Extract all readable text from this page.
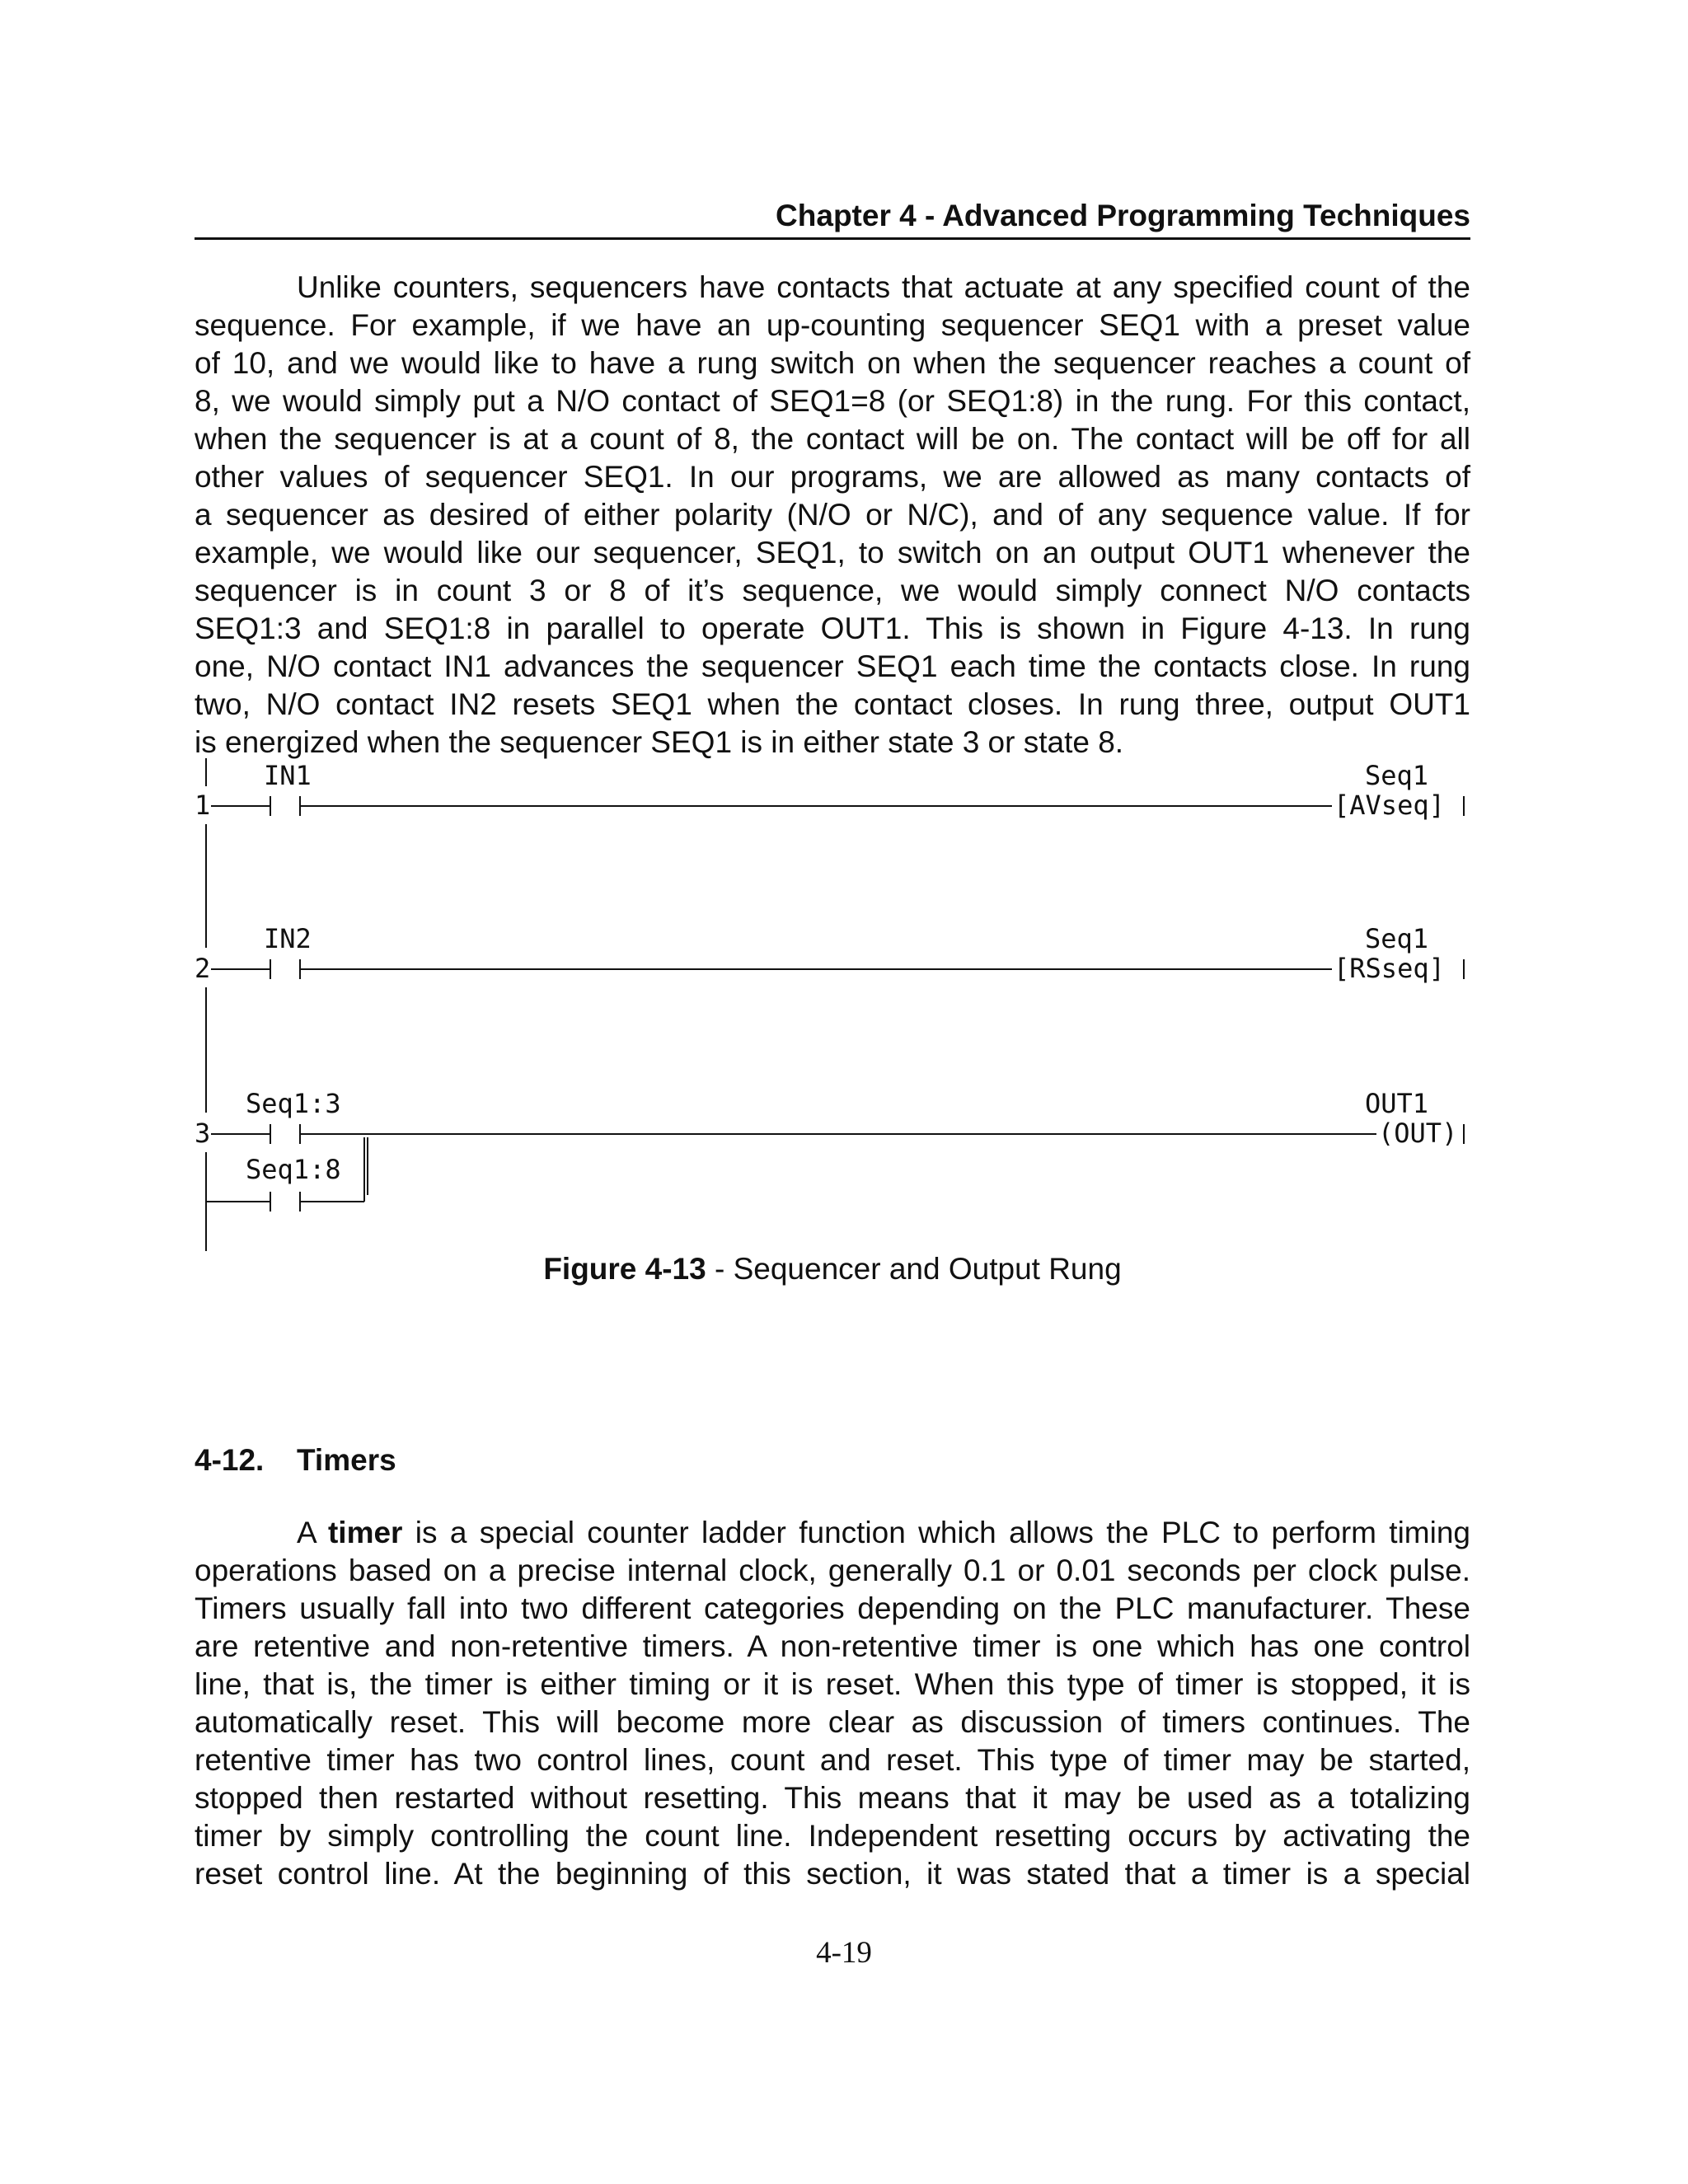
Chapter 4 - Advanced Programming Techniques
Unlike counters, sequencers have contacts that actuate at any specified count of the
sequence. For example, if we have an up-counting sequencer SEQ1 with a preset value
of 10, and we would like to have a rung switch on when the sequencer reaches a count of
8, we would simply put a N/O contact of SEQ1=8 (or SEQ1:8) in the rung. For this contact,
when the sequencer is at a count of 8, the contact will be on. The contact will be off for all
other values of sequencer SEQ1. In our programs, we are allowed as many contacts of
a sequencer as desired of either polarity (N/O or N/C), and of any sequence value. If for
example, we would like our sequencer, SEQ1, to switch on an output OUT1 whenever the
sequencer is in count 3 or 8 of it’s sequence, we would simply connect N/O contacts
SEQ1:3 and SEQ1:8 in parallel to operate OUT1. This is shown in Figure 4-13. In rung
one, N/O contact IN1 advances the sequencer SEQ1 each time the contacts close. In rung
two, N/O contact IN2 resets SEQ1 when the contact closes. In rung three, output OUT1
is energized when the sequencer SEQ1 is in either state 3 or state 8.
1
2
3
IN1
IN2
Seq1:3
Seq1:8
Seq1
[AVseq]
Seq1
[RSseq]
OUT1
(OUT)
Figure 4-13 - Sequencer and Output Rung
4-12. Timers
A timer is a special counter ladder function which allows the PLC to perform timing
operations based on a precise internal clock, generally 0.1 or 0.01 seconds per clock pulse.
Timers usually fall into two different categories depending on the PLC manufacturer. These
are retentive and non-retentive timers. A non-retentive timer is one which has one control
line, that is, the timer is either timing or it is reset. When this type of timer is stopped, it is
automatically reset. This will become more clear as discussion of timers continues. The
retentive timer has two control lines, count and reset. This type of timer may be started,
stopped then restarted without resetting. This means that it may be used as a totalizing
timer by simply controlling the count line. Independent resetting occurs by activating the
reset control line. At the beginning of this section, it was stated that a timer is a special
4-19
